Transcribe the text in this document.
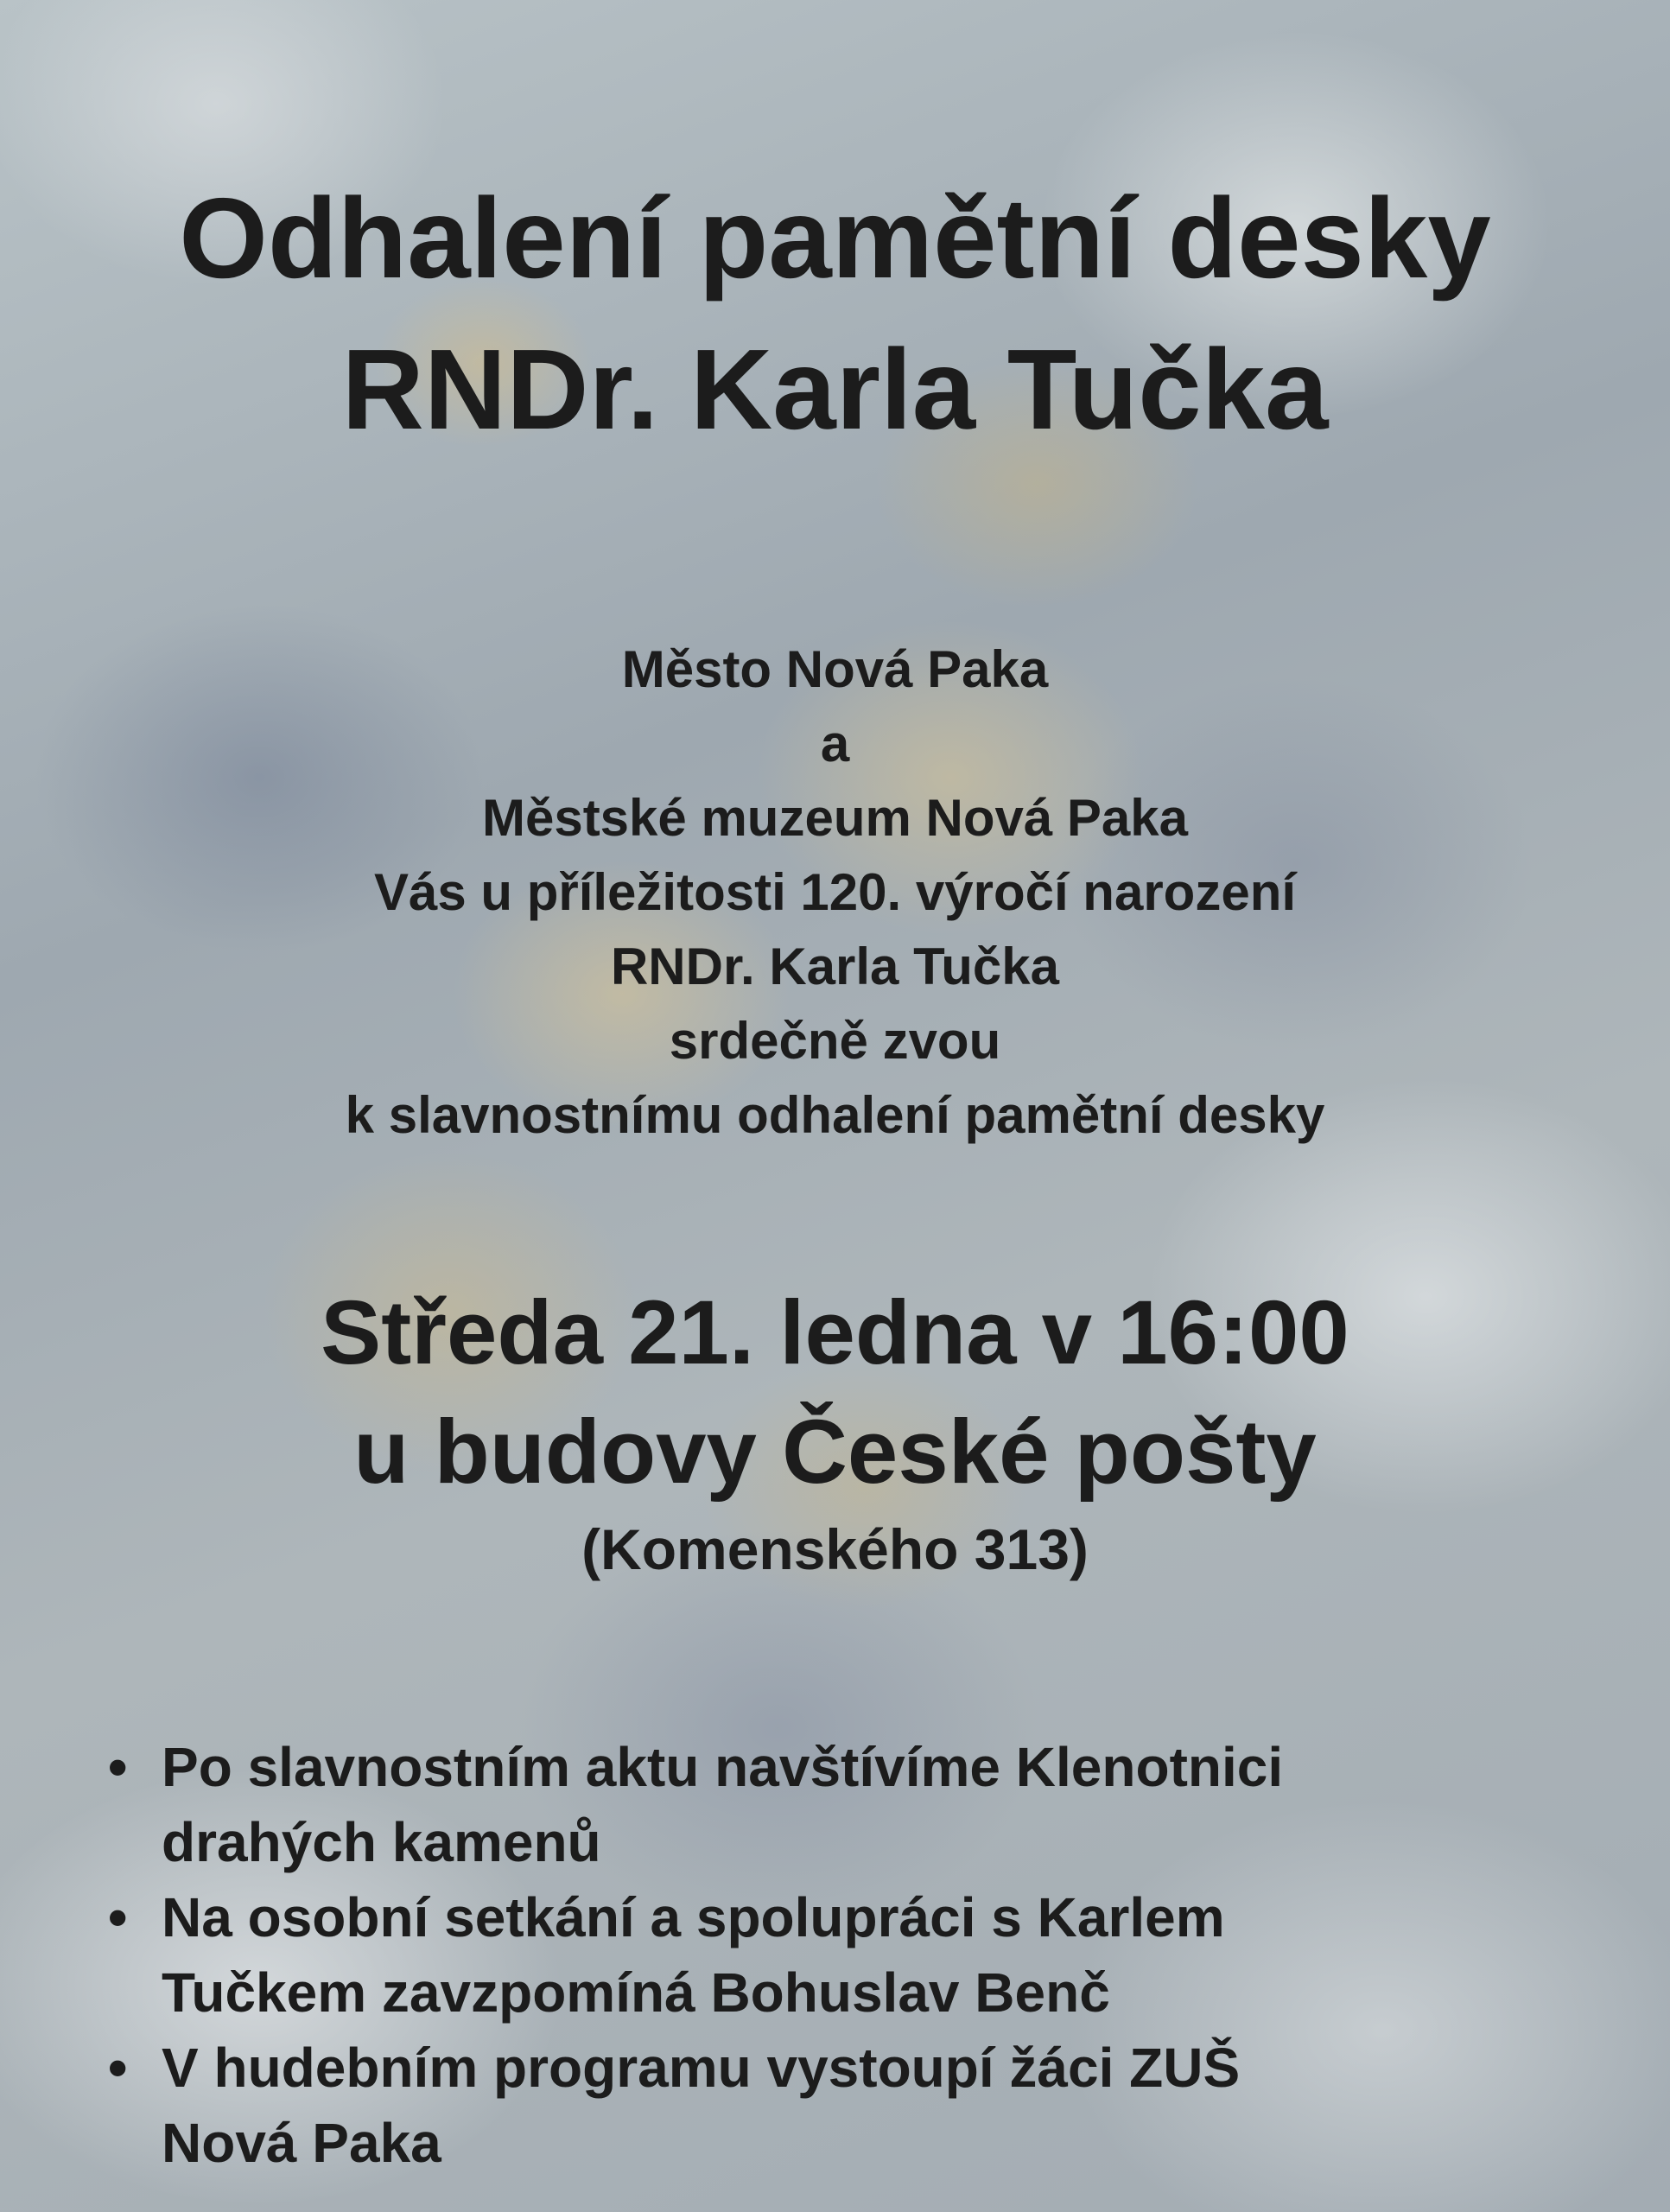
Odhalení pamětní desky
RNDr. Karla Tučka
Město Nová Paka
a
Městské muzeum Nová Paka
Vás u příležitosti 120. výročí narození
RNDr. Karla Tučka
srdečně zvou
k slavnostnímu odhalení pamětní desky
Středa 21. ledna v 16:00
u budovy České pošty
(Komenského 313)
• Po slavnostním aktu navštívíme Klenotnici
drahých kamenů
• Na osobní setkání a spolupráci s Karlem
Tučkem zavzpomíná Bohuslav Benč
• V hudebním programu vystoupí žáci ZUŠ
Nová Paka
